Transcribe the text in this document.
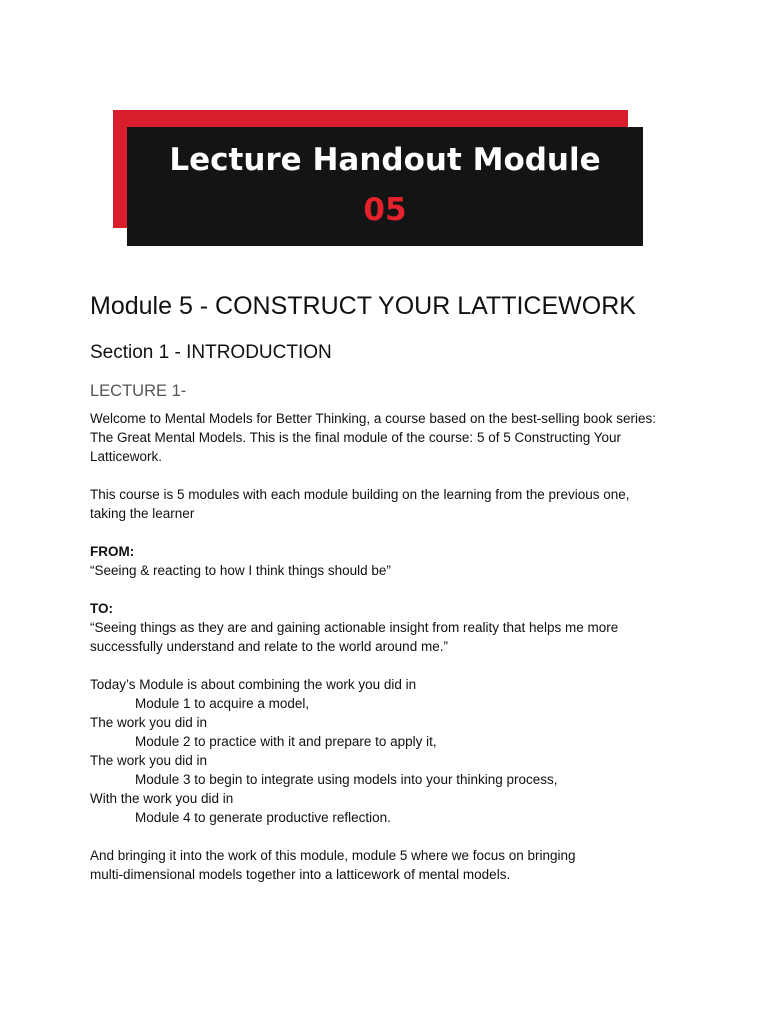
Lecture Handout Module
05
Module 5 - CONSTRUCT YOUR LATTICEWORK
Section 1 - INTRODUCTION
LECTURE 1-
Welcome to Mental Models for Better Thinking, a course based on the best-selling book series:
The Great Mental Models. This is the final module of the course: 5 of 5 Constructing Your
Latticework.
This course is 5 modules with each module building on the learning from the previous one,
taking the learner
FROM:
“Seeing & reacting to how I think things should be”
TO:
“Seeing things as they are and gaining actionable insight from reality that helps me more
successfully understand and relate to the world around me.”
Today’s Module is about combining the work you did in
Module 1 to acquire a model,
The work you did in
Module 2 to practice with it and prepare to apply it,
The work you did in
Module 3 to begin to integrate using models into your thinking process,
With the work you did in
Module 4 to generate productive reflection.
And bringing it into the work of this module, module 5 where we focus on bringing
multi-dimensional models together into a latticework of mental models.
